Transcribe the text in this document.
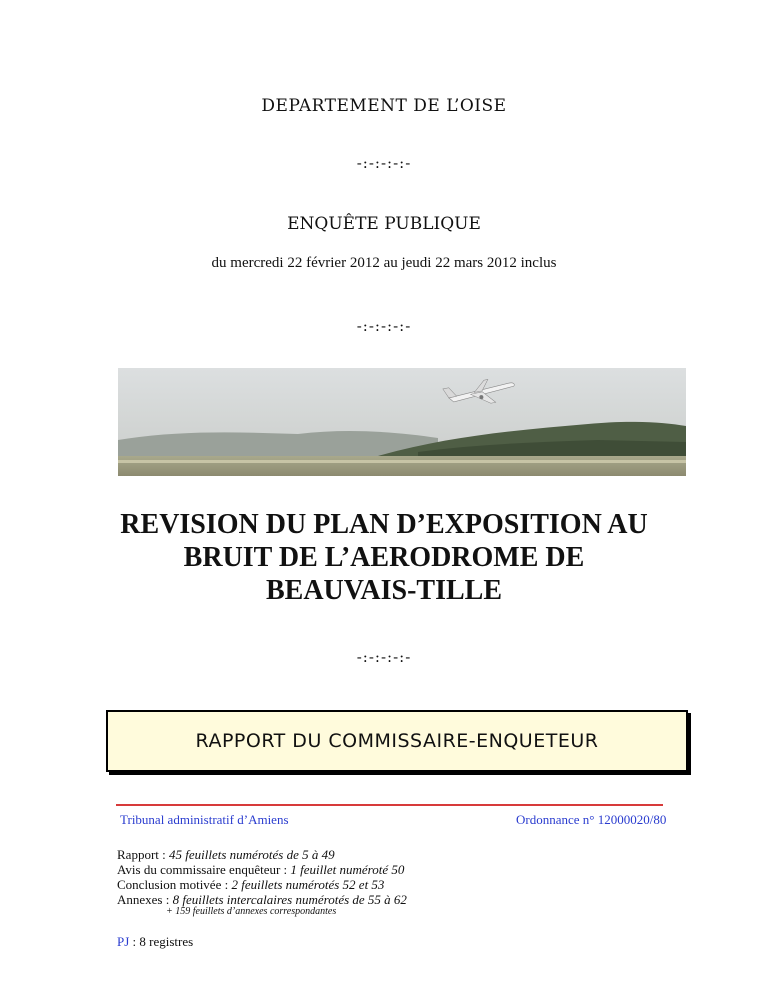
DEPARTEMENT DE L’OISE
-:-:-:-:-
ENQUÊTE PUBLIQUE
du mercredi 22 février 2012 au jeudi 22 mars 2012 inclus
-:-:-:-:-
REVISION DU PLAN D’EXPOSITION AU
BRUIT DE L’AERODROME DE
BEAUVAIS-TILLE
-:-:-:-:-
RAPPORT DU COMMISSAIRE-ENQUETEUR
Tribunal administratif d’Amiens	Ordonnance n° 12000020/80
Rapport : 45 feuillets numérotés de 5 à 49
Avis du commissaire enquêteur : 1 feuillet numéroté 50
Conclusion motivée : 2 feuillets numérotés 52 et 53
Annexes : 8 feuillets intercalaires numérotés de 55 à 62
+ 159 feuillets d’annexes correspondantes
PJ : 8 registres
